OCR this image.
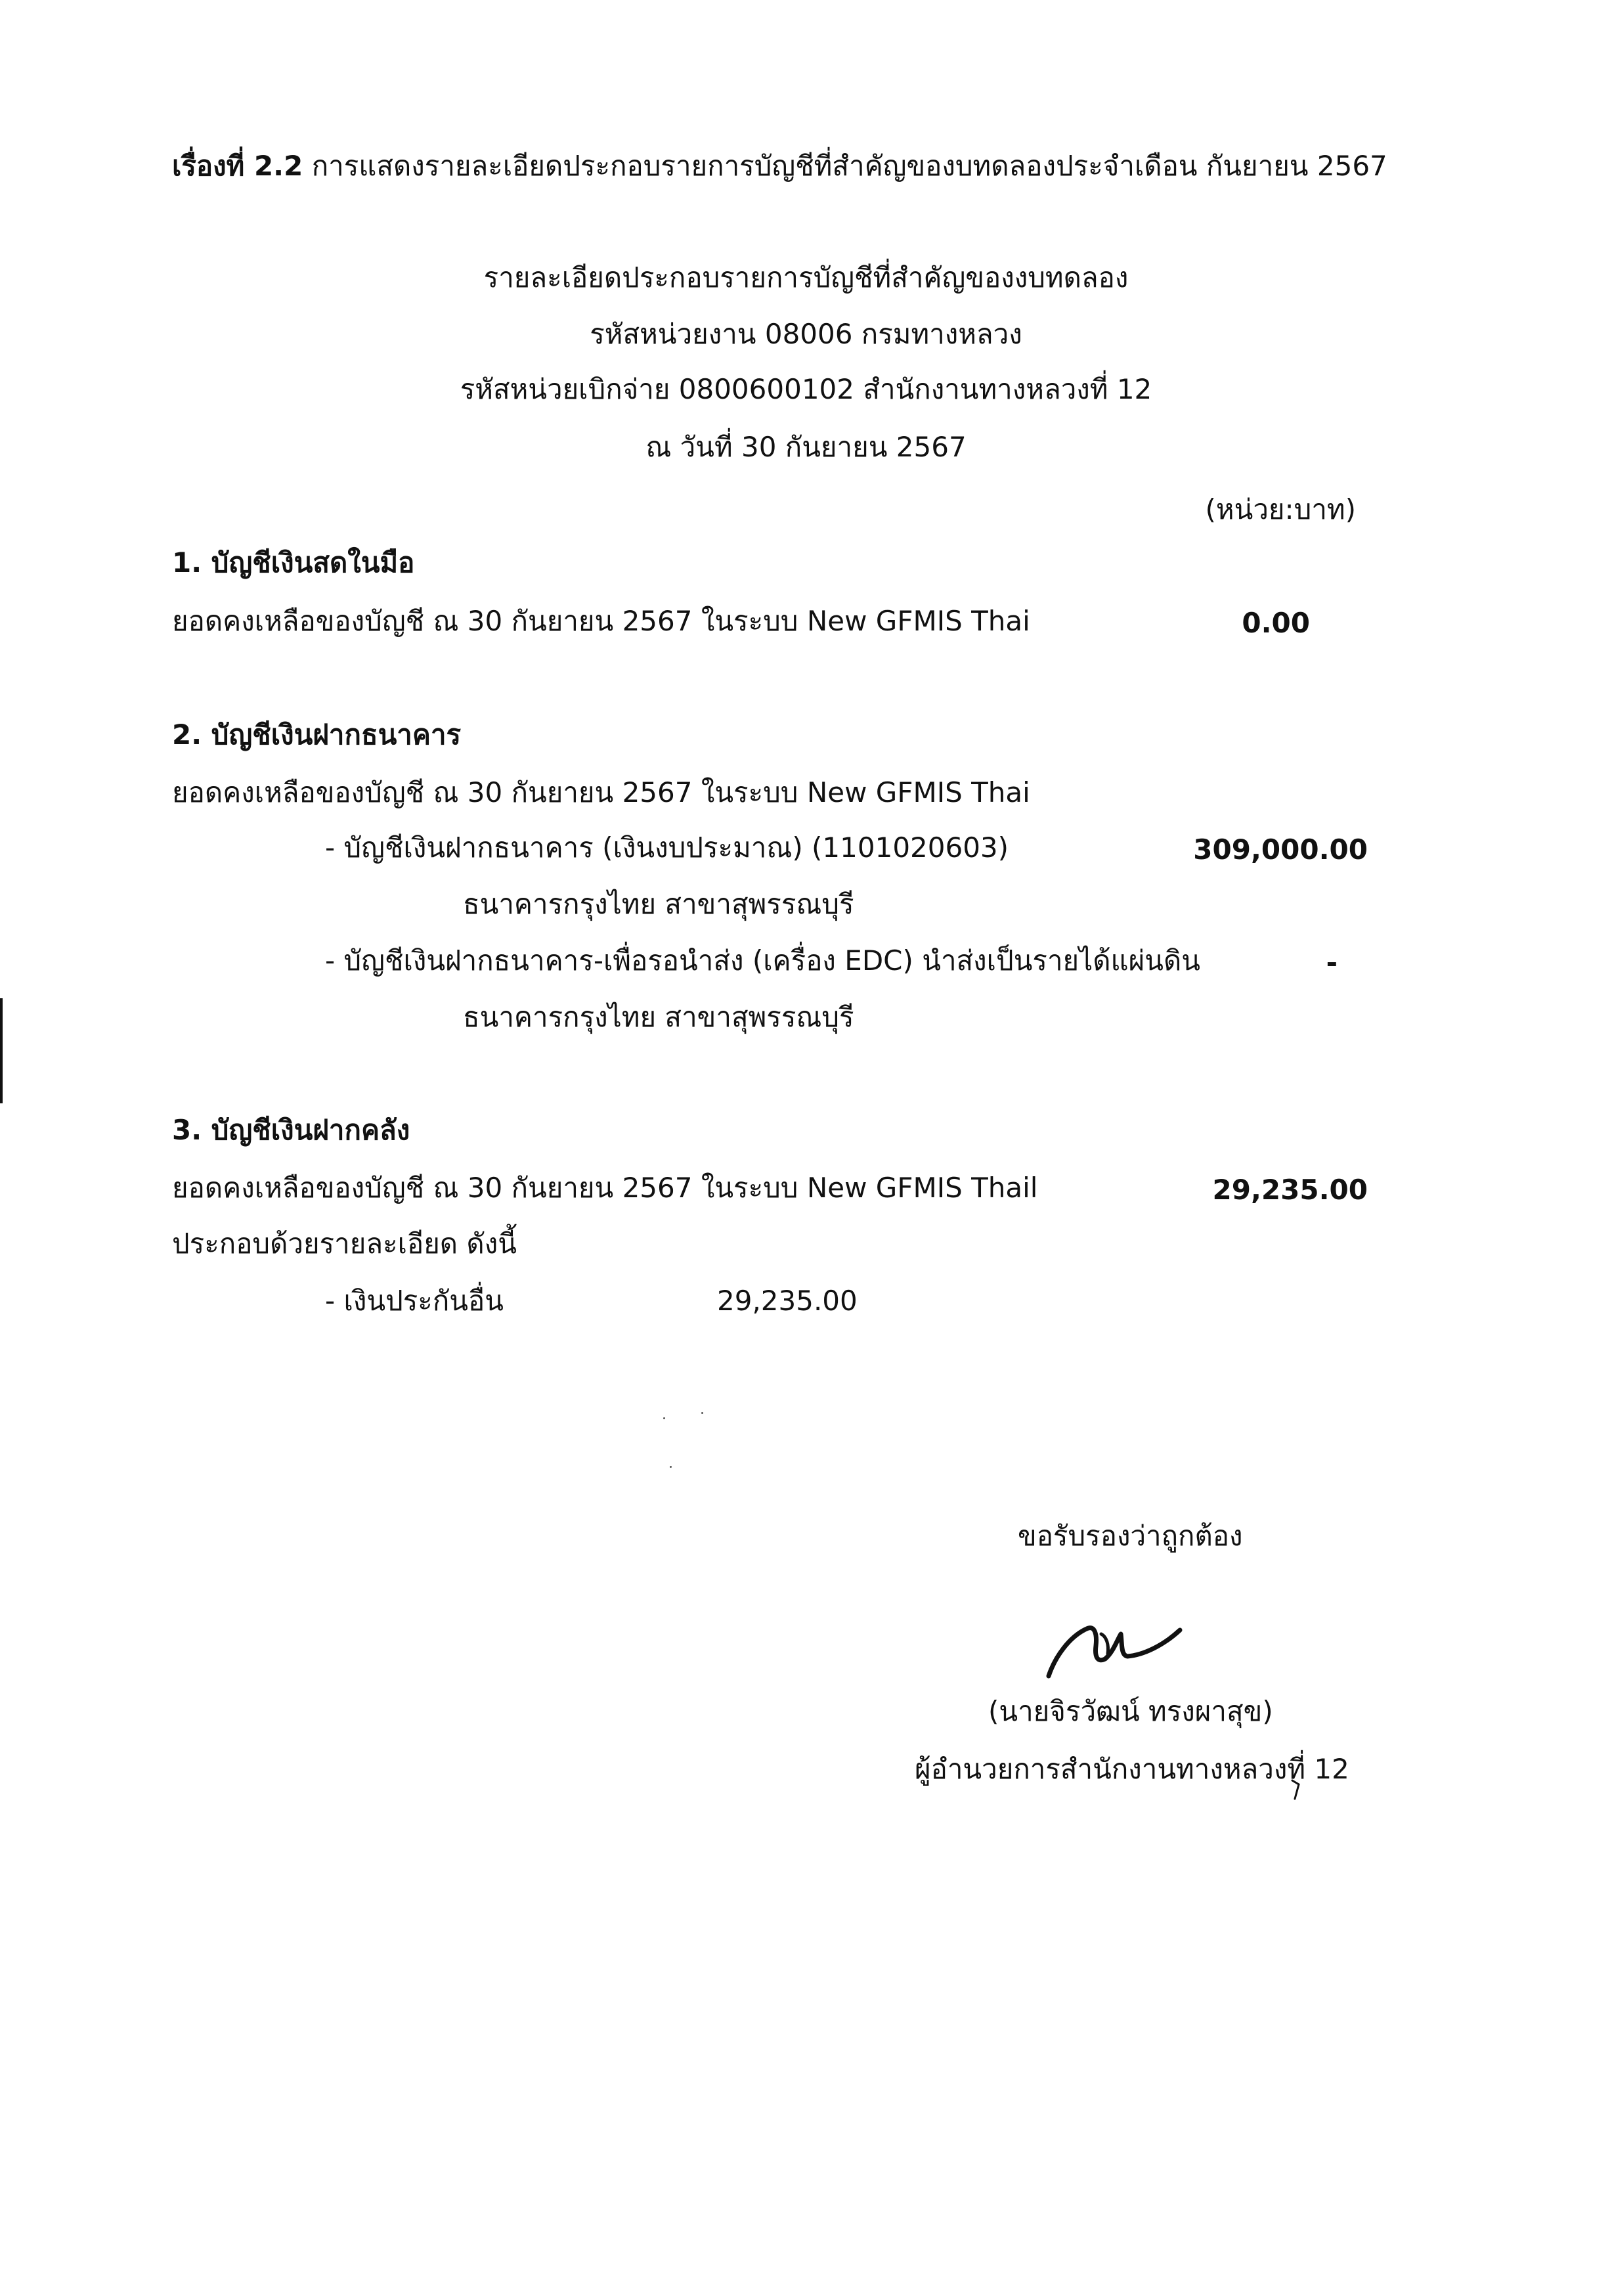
เรื่องที่ 2.2 การแสดงรายละเอียดประกอบรายการบัญชีที่สำคัญของบทดลองประจำเดือน กันยายน 2567
รายละเอียดประกอบรายการบัญชีที่สำคัญของงบทดลอง
รหัสหน่วยงาน 08006 กรมทางหลวง
รหัสหน่วยเบิกจ่าย 0800600102 สำนักงานทางหลวงที่ 12
ณ วันที่ 30 กันยายน 2567
(หน่วย:บาท)
1. บัญชีเงินสดในมือ
ยอดคงเหลือของบัญชี ณ 30 กันยายน 2567 ในระบบ New GFMIS Thai	0.00
2. บัญชีเงินฝากธนาคาร
ยอดคงเหลือของบัญชี ณ 30 กันยายน 2567 ในระบบ New GFMIS Thai
- บัญชีเงินฝากธนาคาร (เงินงบประมาณ) (1101020603)	309,000.00
ธนาคารกรุงไทย สาขาสุพรรณบุรี
- บัญชีเงินฝากธนาคาร-เพื่อรอนำส่ง (เครื่อง EDC) นำส่งเป็นรายได้แผ่นดิน	-
ธนาคารกรุงไทย สาขาสุพรรณบุรี
3. บัญชีเงินฝากคลัง
ยอดคงเหลือของบัญชี ณ 30 กันยายน 2567 ในระบบ New GFMIS Thail	29,235.00
ประกอบด้วยรายละเอียด ดังนี้
- เงินประกันอื่น	29,235.00
ขอรับรองว่าถูกต้อง
(นายจิรวัฒน์ ทรงผาสุข)
ผู้อำนวยการสำนักงานทางหลวงที่ 12
